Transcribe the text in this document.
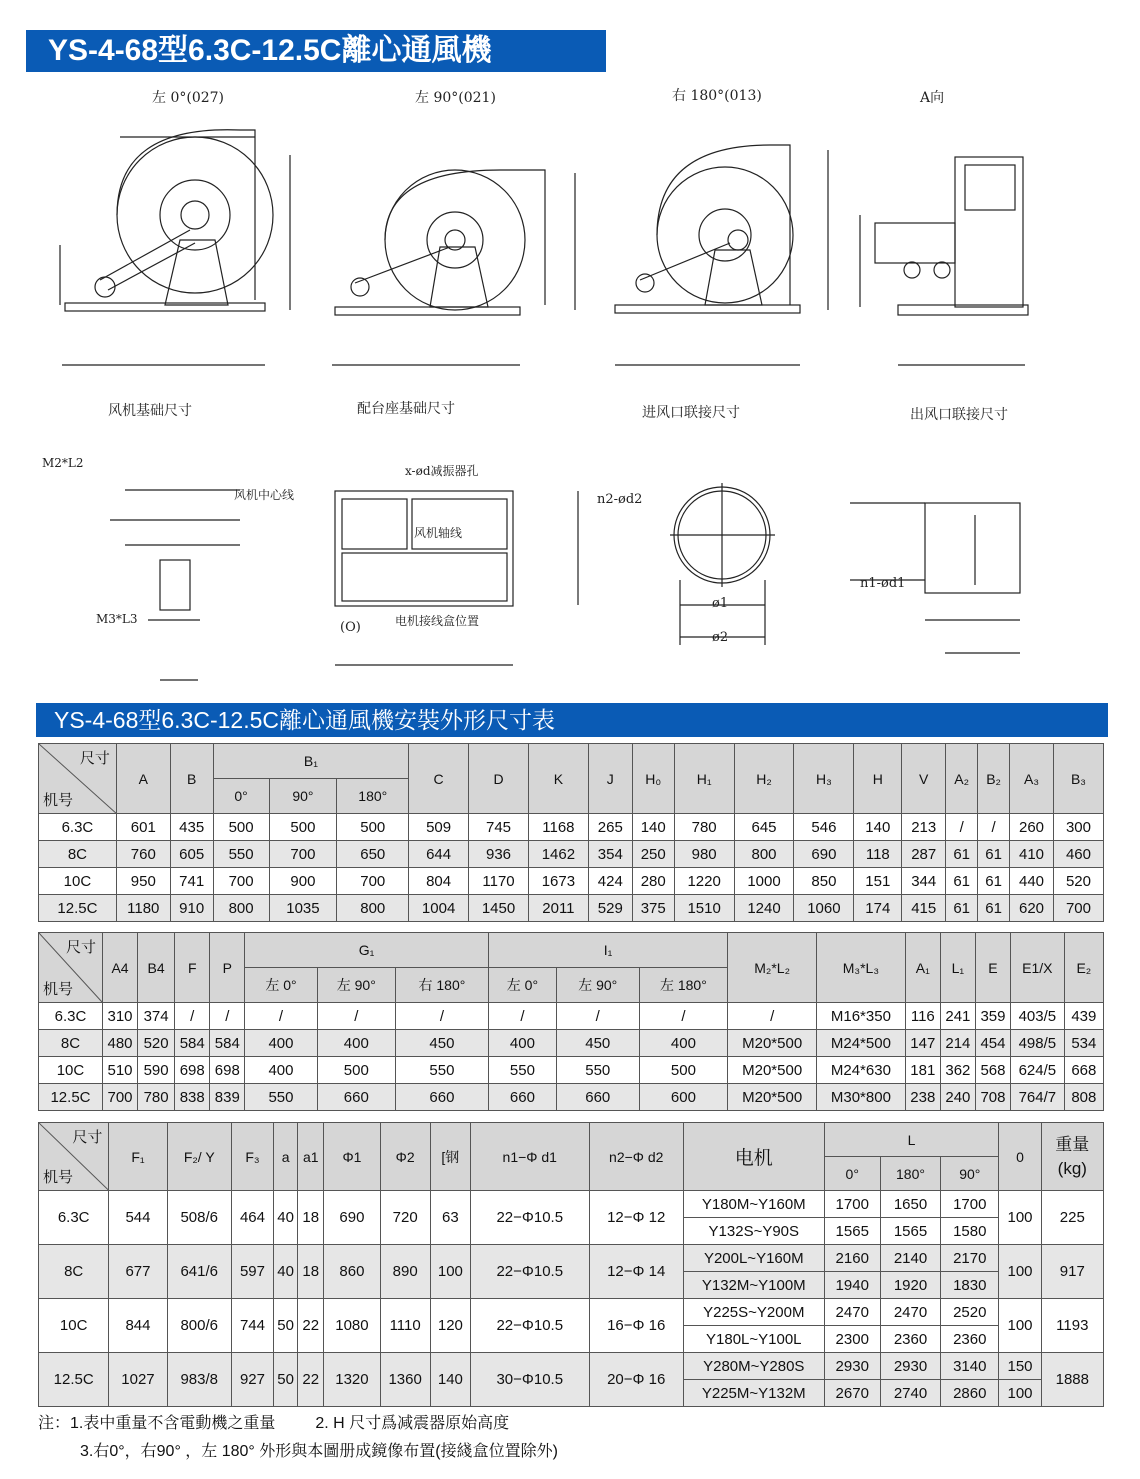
YS-4-68型6.3C-12.5C離心通風機
左 0°(027)	左 90°(021)	右 180°(013)	A向
风机基础尺寸	配台座基础尺寸	进风口联接尺寸	出风口联接尺寸
风机中心线
x-ød减振器孔
风机轴线
电机接线盒位置
n2-ød2
n1-ød1
ø1
ø2
(O)
M2*L2
M3*L3
YS-4-68型6.3C-12.5C離心通風機安裝外形尺寸表
尺寸
机号	A	B	B₁			C	D	K	J	H₀	H₁	H₂	H₃	H	V	A₂	B₂	A₃	B₃
			0°	90°	180°														
6.3C	601	435	500	500	500	509	745	1168	265	140	780	645	546	140	213	/	/	260	300
8C	760	605	550	700	650	644	936	1462	354	250	980	800	690	118	287	61	61	410	460
10C	950	741	700	900	700	804	1170	1673	424	280	1220	1000	850	151	344	61	61	440	520
12.5C	1180	910	800	1035	800	1004	1450	2011	529	375	1510	1240	1060	174	415	61	61	620	700
尺寸
机号	A4	B4	F	P	G₁			I₁			M₂*L₂	M₃*L₃	A₁	L₁	E	E1/X	E₂
					左 0°	左 90°	右 180°	左 0°	左 90°	左 180°							
6.3C	310	374	/	/	/	/	/	/	/	/	/	M16*350	116	241	359	403/5	439
8C	480	520	584	584	400	400	450	400	450	400	M20*500	M24*500	147	214	454	498/5	534
10C	510	590	698	698	400	500	550	550	550	500	M20*500	M24*630	181	362	568	624/5	668
12.5C	700	780	838	839	550	660	660	660	660	600	M20*500	M30*800	238	240	708	764/7	808
尺寸
机号	F₁	F₂/ Y	F₃	a	a1	Φ1	Φ2	[钢	n1−Φ d1	n2−Φ d2	电机	L			0	重量
(kg)
												0°	180°	90°		
6.3C	544	508/6	464	40	18	690	720	63	22−Φ10.5	12−Φ 12	Y180M~Y160M	1700	1650	1700	100	225
											Y132S~Y90S	1565	1565	1580		
8C	677	641/6	597	40	18	860	890	100	22−Φ10.5	12−Φ 14	Y200L~Y160M	2160	2140	2170	100	917
											Y132M~Y100M	1940	1920	1830		
10C	844	800/6	744	50	22	1080	1110	120	22−Φ10.5	16−Φ 16	Y225S~Y200M	2470	2470	2520	100	1193
											Y180L~Y100L	2300	2360	2360		
12.5C	1027	983/8	927	50	22	1320	1360	140	30−Φ10.5	20−Φ 16	Y280M~Y280S	2930	2930	3140	150	1888
											Y225M~Y132M	2670	2740	2860	100	
注：1.表中重量不含電動機之重量	2. H 尺寸爲减震器原始高度
3.右0°，右90° ，左 180° 外形與本圖册成鏡像布置(接綫盒位置除外)
